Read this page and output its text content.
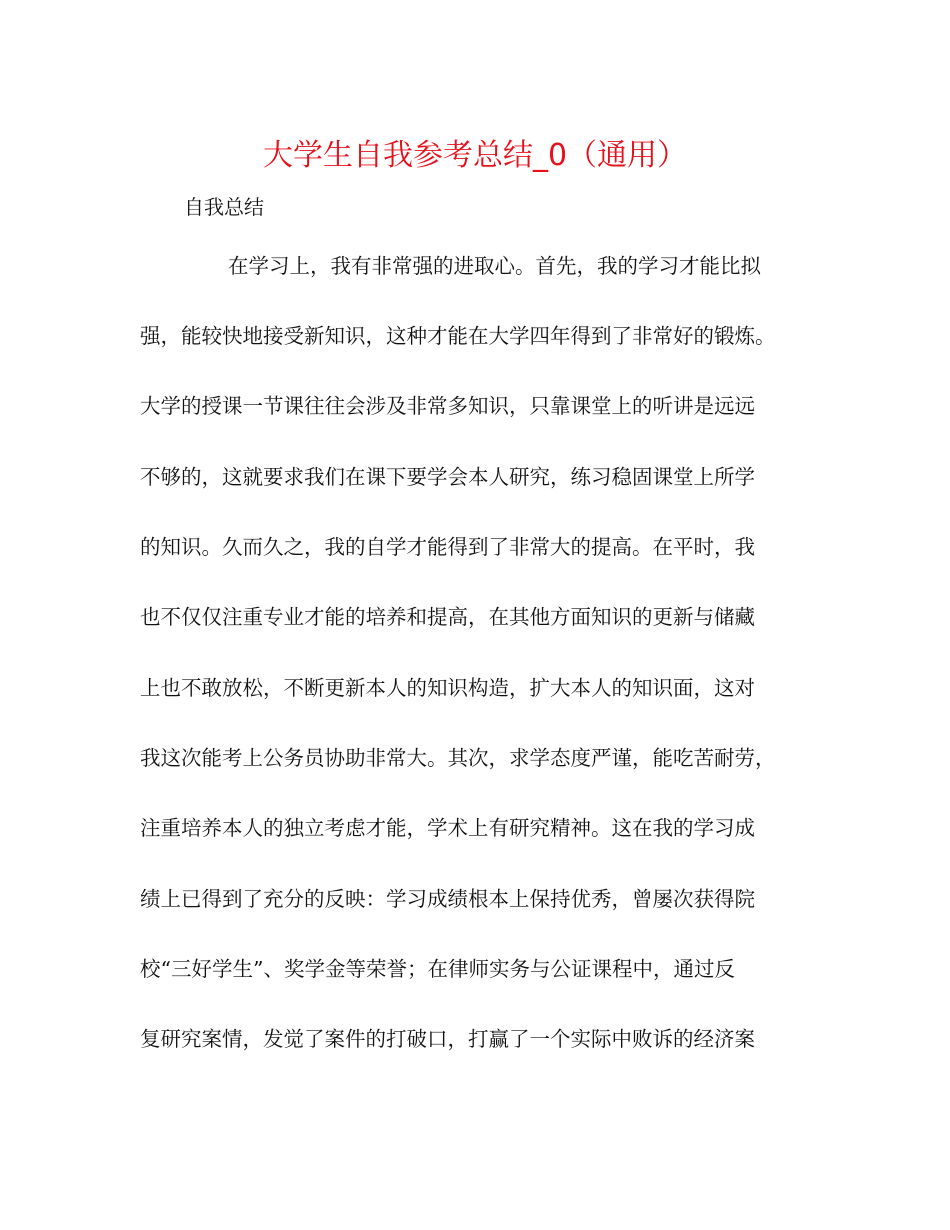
大学生自我参考总结_0（通用）

自我总结

在学习上，我有非常强的进取心。首先，我的学习才能比拟

强，能较快地接受新知识，这种才能在大学四年得到了非常好的锻炼。

大学的授课一节课往往会涉及非常多知识，只靠课堂上的听讲是远远

不够的，这就要求我们在课下要学会本人研究，练习稳固课堂上所学

的知识。久而久之，我的自学才能得到了非常大的提高。在平时，我

也不仅仅注重专业才能的培养和提高，在其他方面知识的更新与储藏

上也不敢放松，不断更新本人的知识构造，扩大本人的知识面，这对

我这次能考上公务员协助非常大。其次，求学态度严谨，能吃苦耐劳，

注重培养本人的独立考虑才能，学术上有研究精神。这在我的学习成

绩上已得到了充分的反映：学习成绩根本上保持优秀，曾屡次获得院

校“三好学生”、奖学金等荣誉；在律师实务与公证课程中，通过反

复研究案情，发觉了案件的打破口，打赢了一个实际中败诉的经济案
